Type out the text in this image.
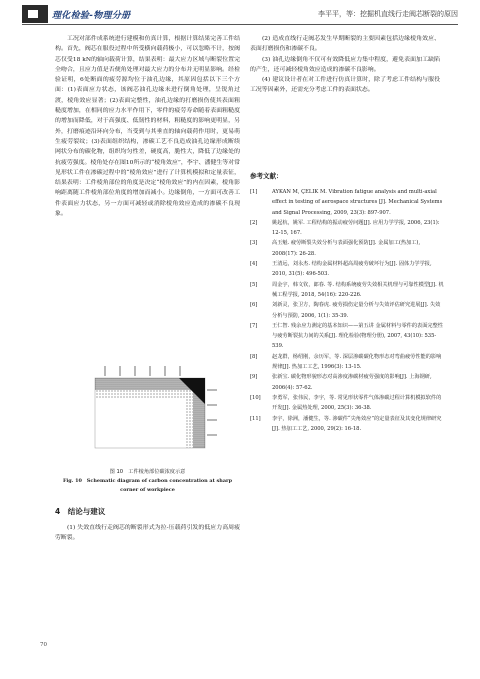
理化检验-物理分册	李平平，等：挖掘机直线行走阀芯断裂的原因

工况对部件成系统进行建模和仿真计算，根据计算结果完善工件结构。首先，阀芯在服役过程中所受横向载荷极小，可以忽略不计，按阀芯仅受18 kN的轴向载荷计算，结果表明：最大应力区域与断裂位置完全吻合，且应力值是否便角处理对最大应力的分布并无明显影响。经检验证明，6处断面的疲劳源均位于油孔边缘，其原因包括以下三个方面：(1)表面应力状态，该阀芯油孔边缘未进行倒角处理，呈锐角过渡，棱角效应显著；(2)表面完整性，油孔边缘的打磨损伤使其表面粗糙度增加，在相同的应力水平作用下，零件的疲劳寿命随着表面粗糙度的增加而降低，对于高强度、低韧性的材料，粗糙度的影响更明显，另外，打磨痕迹沿环向分布，当受到与其垂直的轴向载荷作用时，更易萌生疲劳裂纹；(3)表面组织结构，渗碳工艺不良造成油孔边缘形成断续网状分布的碳化物，组织均匀性差，硬度高，脆性大，降低了边缘处的抗疲劳强度。棱角处存在图10所示的“棱角效应”，李宇、潘健生等对常见形状工件在渗碳过程中的“棱角效应”进行了计算机模拟和定量表征，结果表明：工件棱角部位的角度是决定“棱角效应”的内在因素，棱角影响距离随工件棱角部位角度的增加而减小。边缘倒角，一方面可改善工件表面应力状态，另一方面可减轻或消除棱角效应造成的渗碳不良现象。

图 10　工件棱角部位碳浓度示意
Fig. 10　Schematic diagram of carbon concentration at sharp corner of workpiece
4　结论与建议

(1) 失效直线行走阀芯的断裂形式为拉-压载荷引发的低应力高周疲劳断裂。

(2) 造成直线行走阀芯发生早期断裂的主要因素包括边缘棱角效应、表面打磨损伤和渗碳不良。

(3) 油孔边缘倒角不仅可有效降低应力集中程度，避免表面加工缺陷的产生，还可减轻棱角效应造成的渗碳不良影响。

(4) 建议设计者在对工件进行仿真计算时，除了考虑工件结构与服役工况等因素外，还需充分考虑工件的表面状态。

参考文献：
[1]	AYKAN M, ÇELIK M. Vibration fatigue analysis and multi-axial effect in testing of aerospace structures [J]. Mechanical Systems and Signal Processing, 2009, 23(3): 897-907.
[2]	姚起杭，姚军. 工程结构的振动疲劳问题[J]. 应用力学学报, 2006, 23(1): 12-15, 167.
[3]	高玉魁. 疲劳断裂失效分析与表面强化预防[J]. 金属加工(热加工), 2008(17): 26-28.
[4]	王清远，刘永杰. 结构金属材料超高周疲劳破坏行为[J]. 固体力学学报, 2010, 31(5): 496-503.
[5]	周金宇，韩文钦，郎春. 等. 结构系统疲劳失效相关机理与可靠性模型[J]. 机械工程学报, 2018, 54(16): 220-226.
[6]	刘新灵，张卫方，陶春虎. 疲劳损伤定量分析与失效评估研究进展[J]. 失效分析与预防, 2006, 1(1): 35-39.
[7]	王仁智. 残余应力测定的基本知识——第五讲 金属材料与零件的表面完整性与疲劳断裂抗力间的关系[J]. 理化检验(物理分册), 2007, 43(10): 535-539.
[8]	赵龙群，杨绍刚，余历军，等. 深层渗碳碳化物形态对弯曲疲劳性能的影响规律[J]. 热加工工艺, 1996(3): 13-15.
[9]	张新宝. 碳化物形貌形态对高渗度渗碳材疲劳强度的影响[J]. 上海钢研, 2006(4): 57-62.
[10] 李勇军，张伟民，李宇，等. 常见形状零件气体渗碳过程计算机模拟软件的开发[J]. 金属热处理, 2000, 25(3): 36-38.
[11] 李宇，徐洲，潘健生，等. 渗碳件“尖角效应”的定量表征及其变化规律研究[J]. 热加工工艺, 2000, 29(2): 16-18.
70
